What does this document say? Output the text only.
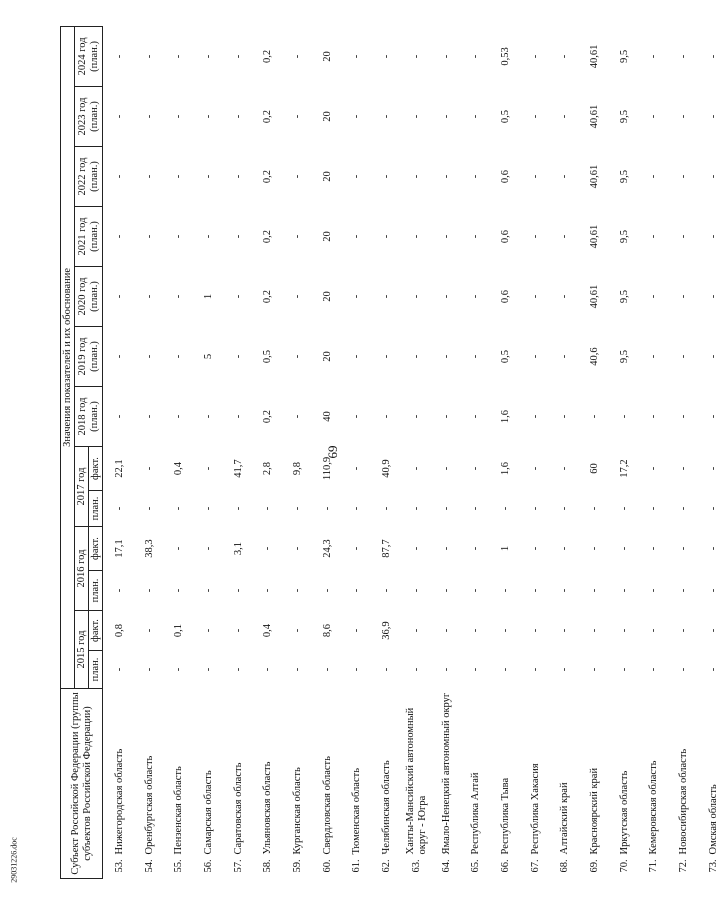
69
29031226.doc	Субъект Российской Федерации (группы субъектов Российской Федерации)		Значения показателей и их обоснование												
		2015 год		2016 год		2017 год		2018 год (план.)	2019 год (план.)	2020 год (план.)	2021 год (план.)	2022 год (план.)	2023 год (план.)	2024 год (план.)
		план.	факт.	план.	факт.	план.	факт.							
53.	Нижегородская область	-	0,8	-	17,1	-	22,1	-	-	-	-	-	-	-
54.	Оренбургская область	-	-	-	38,3	-	-	-	-	-	-	-	-	-
55.	Пензенская область	-	0,1	-	-	-	0,4	-	-	-	-	-	-	-
56.	Самарская область	-	-	-	-	-	-	-	5	1	-	-	-	-
57.	Саратовская область	-	-	-	3,1	-	41,7	-	-	-	-	-	-	-
58.	Ульяновская область	-	0,4	-	-	-	2,8	0,2	0,5	0,2	0,2	0,2	0,2	0,2
59.	Курганская область	-	-	-	-	-	9,8	-	-	-	-	-	-	-
60.	Свердловская область	-	8,6	-	24,3	-	110,9	40	20	20	20	20	20	20
61.	Тюменская область	-	-	-	-	-	-	-	-	-	-	-	-	-
62.	Челябинская область	-	36,9	-	87,7	-	40,9	-	-	-	-	-	-	-
63.	Ханты-Мансийский автономный округ - Югра	-	-	-	-	-	-	-	-	-	-	-	-	-
64.	Ямало-Ненецкий автономный округ	-	-	-	-	-	-	-	-	-	-	-	-	-
65.	Республика Алтай	-	-	-	-	-	-	-	-	-	-	-	-	-
66.	Республика Тыва	-	-	-	1	-	1,6	1,6	0,5	0,6	0,6	0,6	0,5	0,53
67.	Республика Хакасия	-	-	-	-	-	-	-	-	-	-	-	-	-
68.	Алтайский край	-	-	-	-	-	-	-	-	-	-	-	-	-
69.	Красноярский край	-	-	-	-	-	60	-	40,6	40,61	40,61	40,61	40,61	40,61
70.	Иркутская область	-	-	-	-	-	17,2	-	9,5	9,5	9,5	9,5	9,5	9,5
71.	Кемеровская область	-	-	-	-	-	-	-	-	-	-	-	-	-
72.	Новосибирская область	-	-	-	-	-	-	-	-	-	-	-	-	-
73.	Омская область	-	-	-	-	-	-	-	-	-	-	-	-	-
